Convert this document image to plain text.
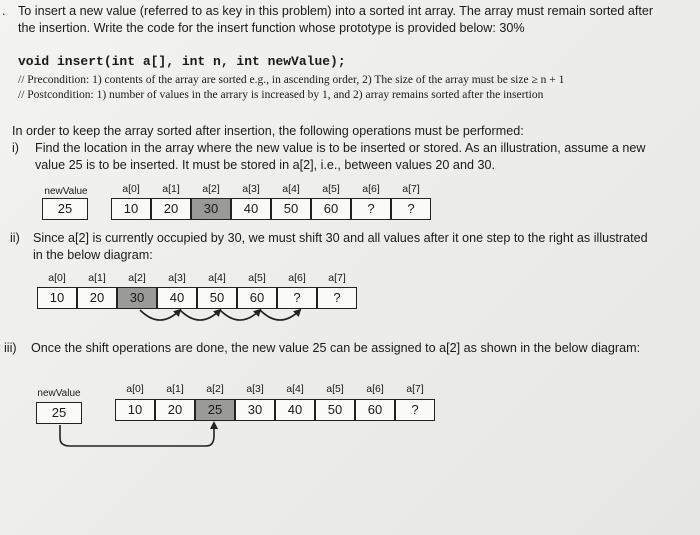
. To insert a new value (referred to as key in this problem) into a sorted int array. The array must remain sorted after
the insertion. Write the code for the insert function whose prototype is provided below: 30%
void insert(int a[], int n, int newValue);
// Precondition: 1) contents of the array are sorted e.g., in ascending order, 2) The size of the array must be size ≥ n + 1
// Postcondition: 1) number of values in the arrary is increased by 1, and 2) array remains sorted after the insertion
In order to keep the array sorted after insertion, the following operations must be performed:
i) Find the location in the array where the new value is to be inserted or stored. As an illustration, assume a new
value 25 is to be inserted. It must be stored in a[2], i.e., between values 20 and 30.
newValue
25
a[0]	a[1]	a[2]	a[3]	a[4]	a[5]	a[6]	a[7]
10	20	30	40	50	60	?	?
ii) Since a[2] is currently occupied by 30, we must shift 30 and all values after it one step to the right as illustrated
in the below diagram:
a[0]	a[1]	a[2]	a[3]	a[4]	a[5]	a[6]	a[7]
10	20	30	40	50	60	?	?
iii) Once the shift operations are done, the new value 25 can be assigned to a[2] as shown in the below diagram:
newValue
25
a[0]	a[1]	a[2]	a[3]	a[4]	a[5]	a[6]	a[7]
10	20	25	30	40	50	60	?
